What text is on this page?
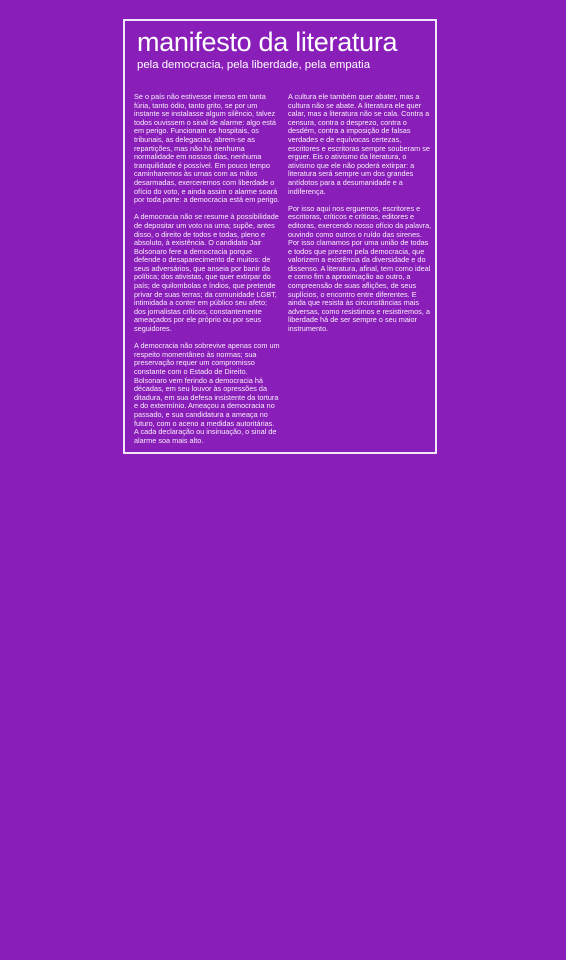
manifesto da literatura
pela democracia, pela liberdade, pela empatia

Se o país não estivesse imerso em tanta fúria, tanto ódio, tanto grito, se por um instante se instalasse algum silêncio, talvez todos ouvissem o sinal de alarme: algo está em perigo. Funcionam os hospitais, os tribunais, as delegacias, abrem-se as repartições, mas não há nenhuma normalidade em nossos dias, nenhuma tranquilidade é possível. Em pouco tempo caminharemos às urnas com as mãos desarmadas, exerceremos com liberdade o ofício do voto, e ainda assim o alarme soará por toda parte: a democracia está em perigo.

A democracia não se resume à possibilidade de depositar um voto na urna; supõe, antes disso, o direito de todos e todas, pleno e absoluto, à existência. O candidato Jair Bolsonaro fere a democracia porque defende o desaparecimento de muitos: de seus adversários, que anseia por banir da política; dos ativistas, que quer extirpar do país; de quilombolas e índios, que pretende privar de suas terras; da comunidade LGBT, intimidada a conter em público seu afeto; dos jornalistas críticos, constantemente ameaçados por ele próprio ou por seus seguidores.

A democracia não sobrevive apenas com um respeito momentâneo às normas; sua preservação requer um compromisso constante com o Estado de Direito. Bolsonaro vem ferindo a democracia há décadas, em seu louvor às opressões da ditadura, em sua defesa insistente da tortura e do extermínio. Ameaçou a democracia no passado, e sua candidatura a ameaça no futuro, com o aceno a medidas autoritárias. A cada declaração ou insinuação, o sinal de alarme soa mais alto.

A cultura ele também quer abater, mas a cultura não se abate. A literatura ele quer calar, mas a literatura não se cala. Contra a censura, contra o desprezo, contra o desdém, contra a imposição de falsas verdades e de equívocas certezas, escritores e escritoras sempre souberam se erguer. Eis o ativismo da literatura, o ativismo que ele não poderá extirpar: a literatura será sempre um dos grandes antídotos para a desumanidade e a indiferença.

Por isso aqui nos erguemos, escritores e escritoras, críticos e críticas, editores e editoras, exercendo nosso ofício da palavra, ouvindo como outros o ruído das sirenes. Por isso clamamos por uma união de todas e todos que prezem pela democracia, que valorizem a existência da diversidade e do dissenso. A literatura, afinal, tem como ideal e como fim a aproximação ao outro, a compreensão de suas aflições, de seus suplícios, o encontro entre diferentes. E ainda que resista às circunstâncias mais adversas, como resistimos e resistiremos, a liberdade há de ser sempre o seu maior instrumento.
